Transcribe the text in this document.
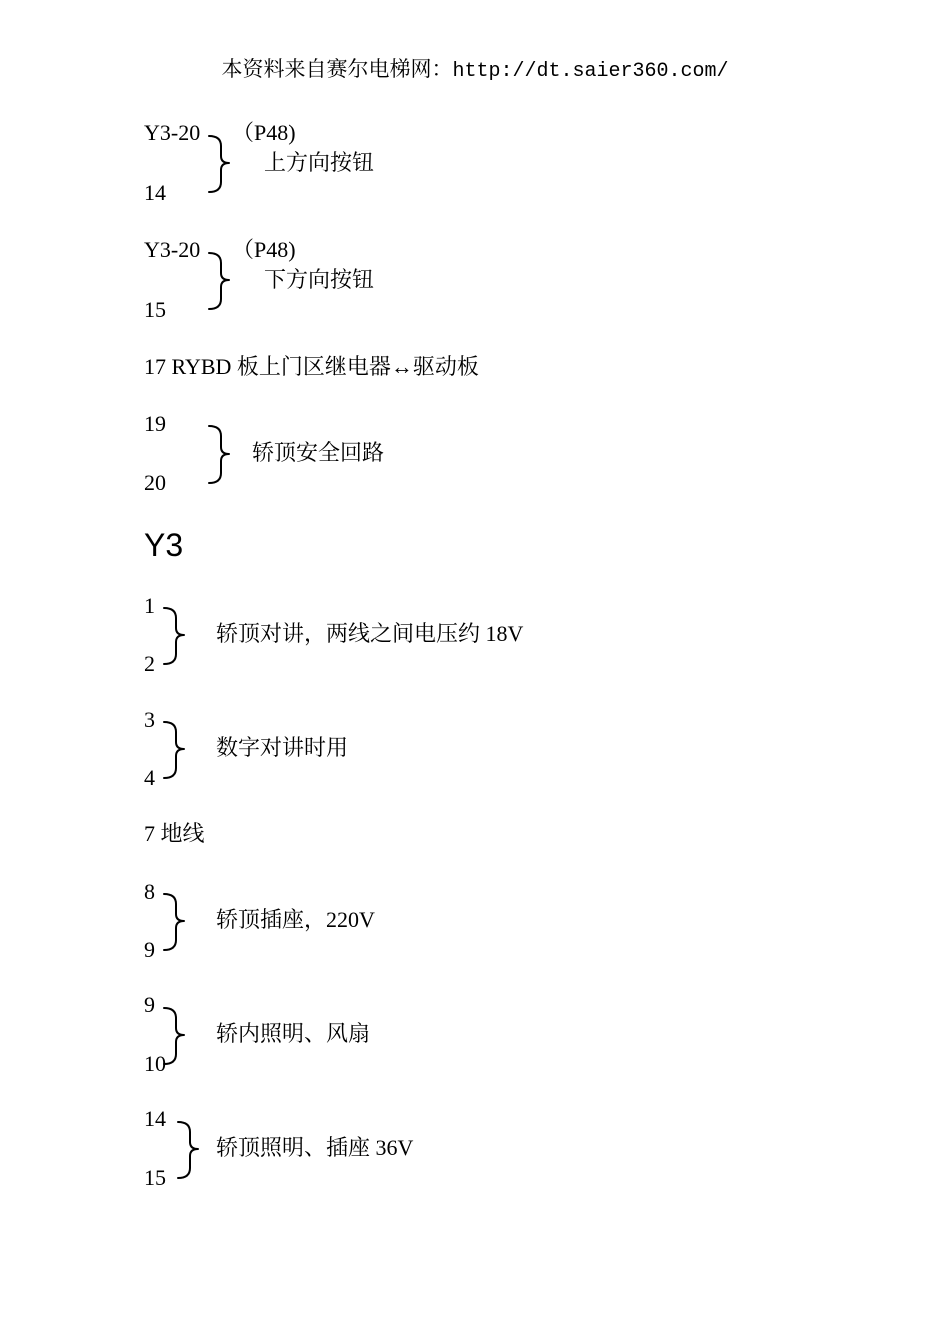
本资料来自赛尔电梯网：http://dt.saier360.com/
Y3-20 （P48)
14
上方向按钮
Y3-20 （P48)
15
下方向按钮
17 RYBD 板上门区继电器↔驱动板
19
20
轿顶安全回路
Y3
1
2
轿顶对讲，两线之间电压约 18V
3
4
数字对讲时用
7 地线
8
9
轿顶插座，220V
9
10
轿内照明、风扇
14
15
轿顶照明、插座 36V
